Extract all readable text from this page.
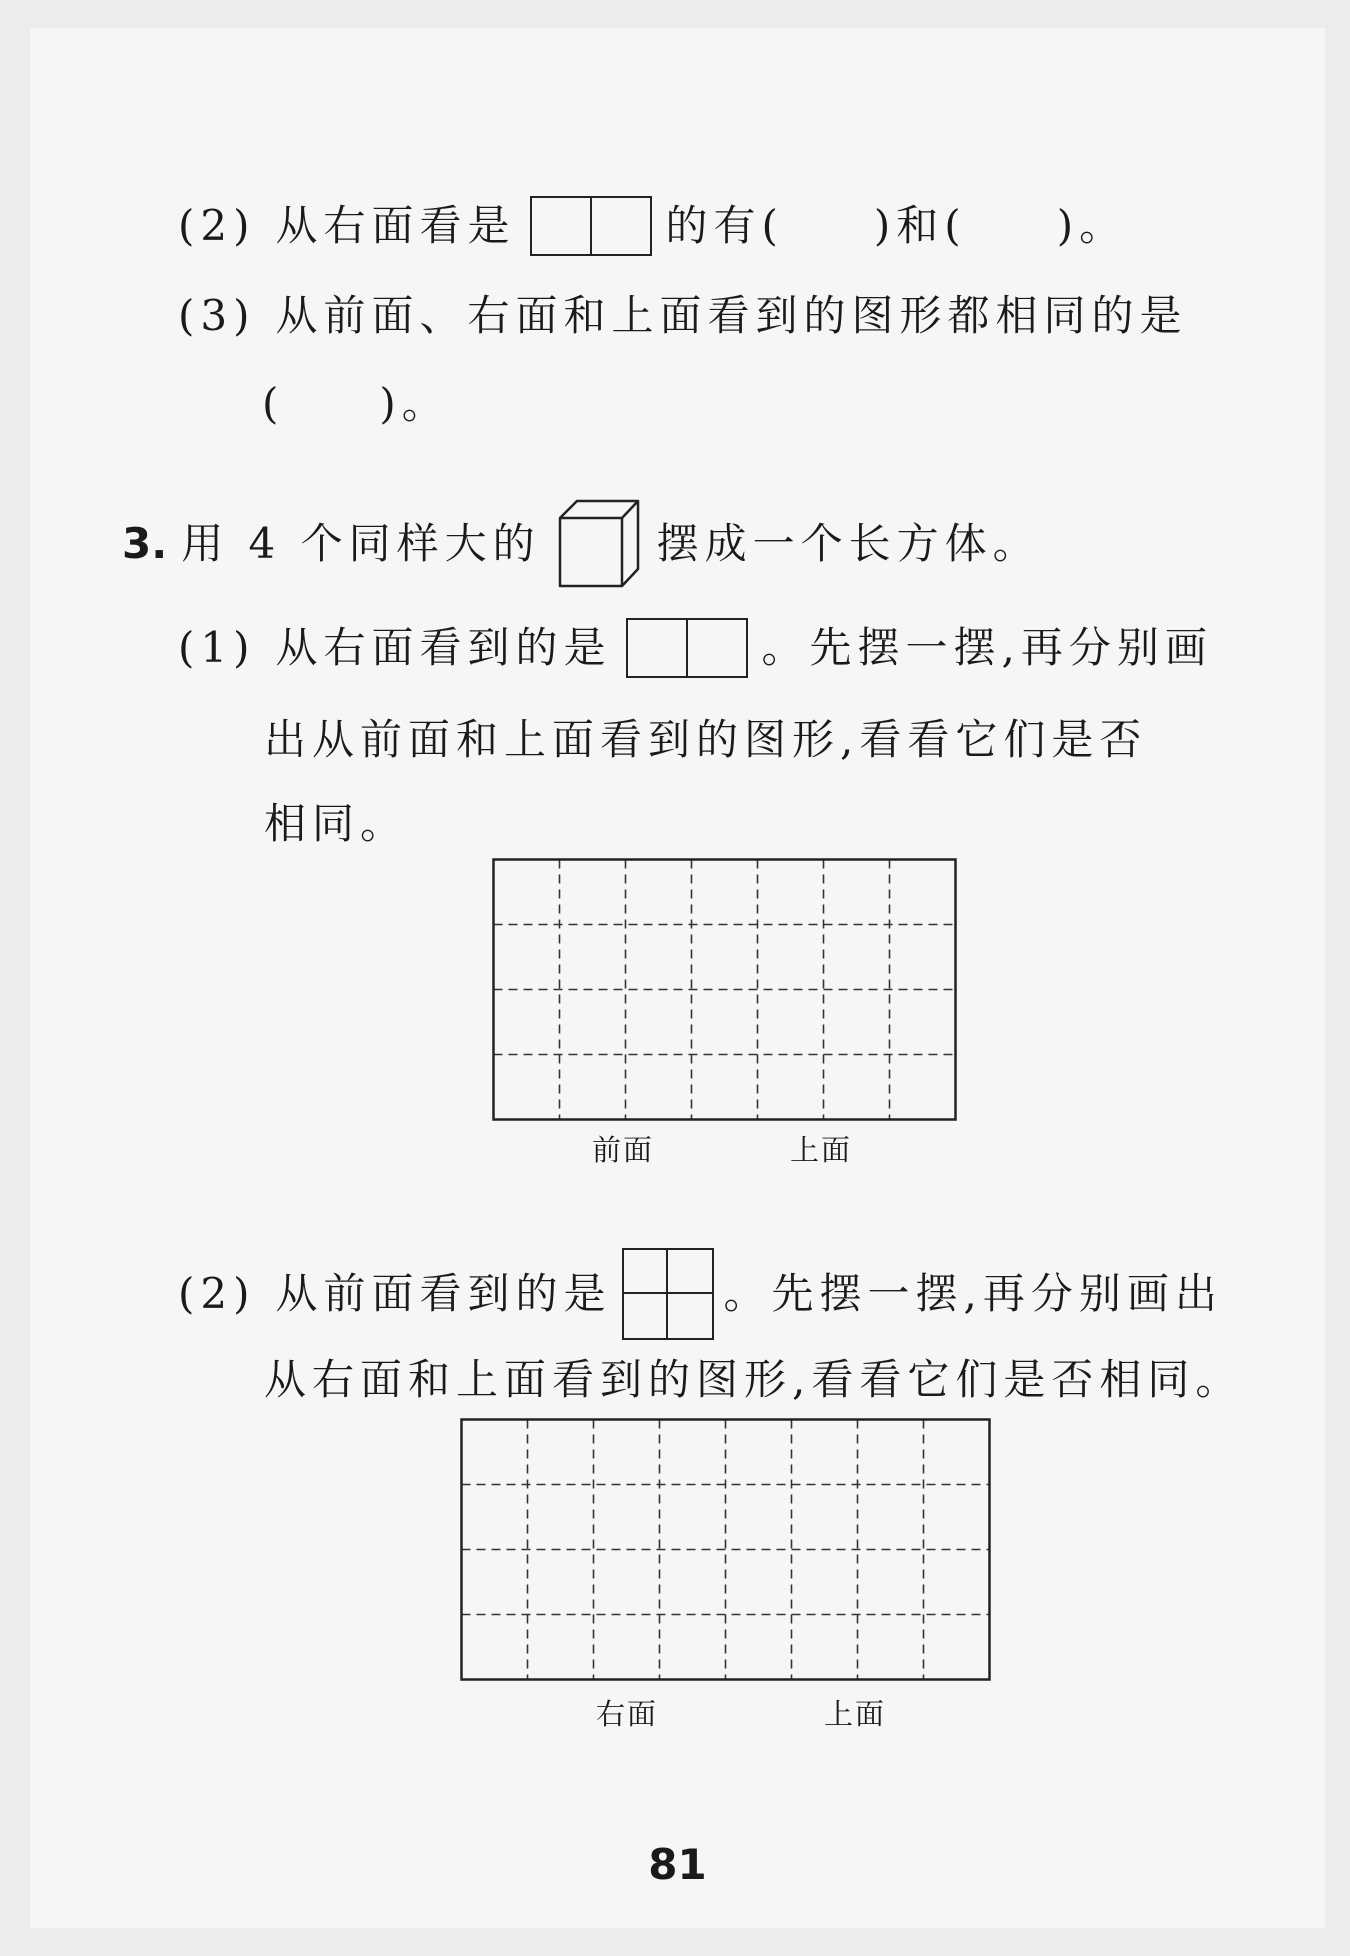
(2) 从右面看是	的有( )和( )。
(3) 从前面、右面和上面看到的图形都相同的是
( )。
3. 用 4 个同样大的	摆成一个长方体。
(1) 从右面看到的是	。先摆一摆,再分别画
出从前面和上面看到的图形,看看它们是否
相同。
前面	上面
(2) 从前面看到的是	。先摆一摆,再分别画出
从右面和上面看到的图形,看看它们是否相同。
右面	上面
81
